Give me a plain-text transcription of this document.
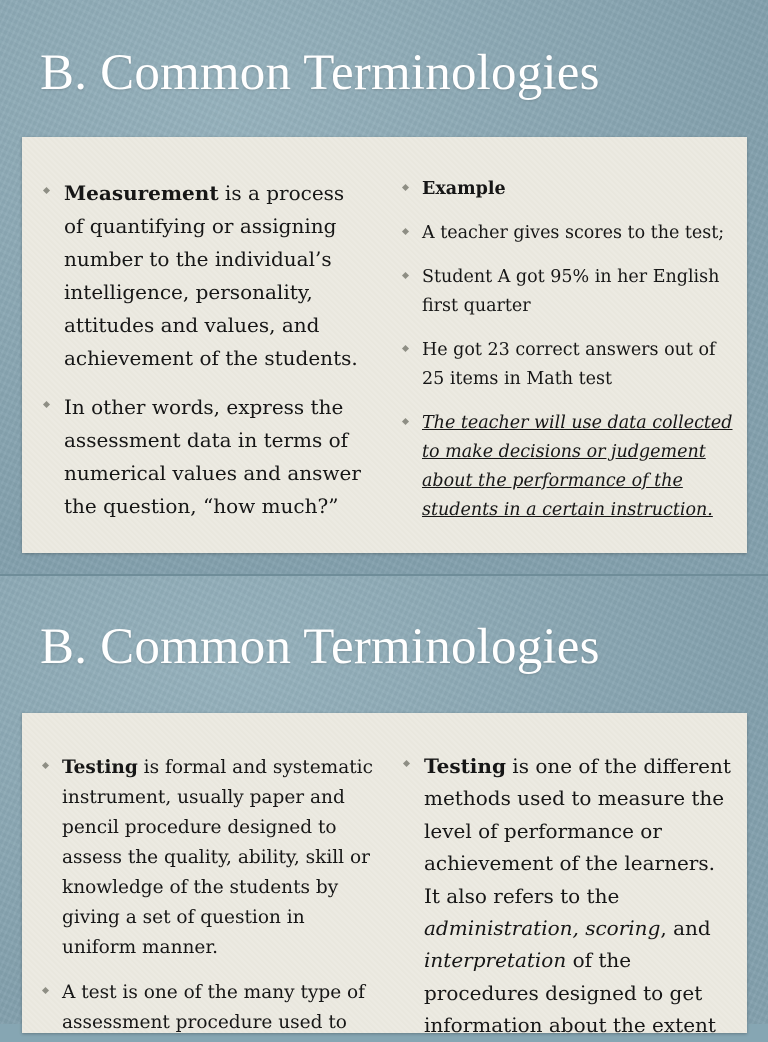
B. Common Terminologies
Measurement is a process of quantifying or assigning number to the individual’s intelligence, personality, attitudes and values, and achievement of the students.
In other words, express the assessment data in terms of numerical values and answer the question, “how much?”
Example
A teacher gives scores to the test;
Student A got 95% in her English first quarter
He got 23 correct answers out of 25 items in Math test
The teacher will use data collected to make decisions or judgement about the performance of the students in a certain instruction.
B. Common Terminologies
Testing is formal and systematic instrument, usually paper and pencil procedure designed to assess the quality, ability, skill or knowledge of the students by giving a set of question in uniform manner.
A test is one of the many type of assessment procedure used to
Testing is one of the different methods used to measure the level of performance or achievement of the learners. It also refers to the administration, scoring, and interpretation of the procedures designed to get information about the extent
